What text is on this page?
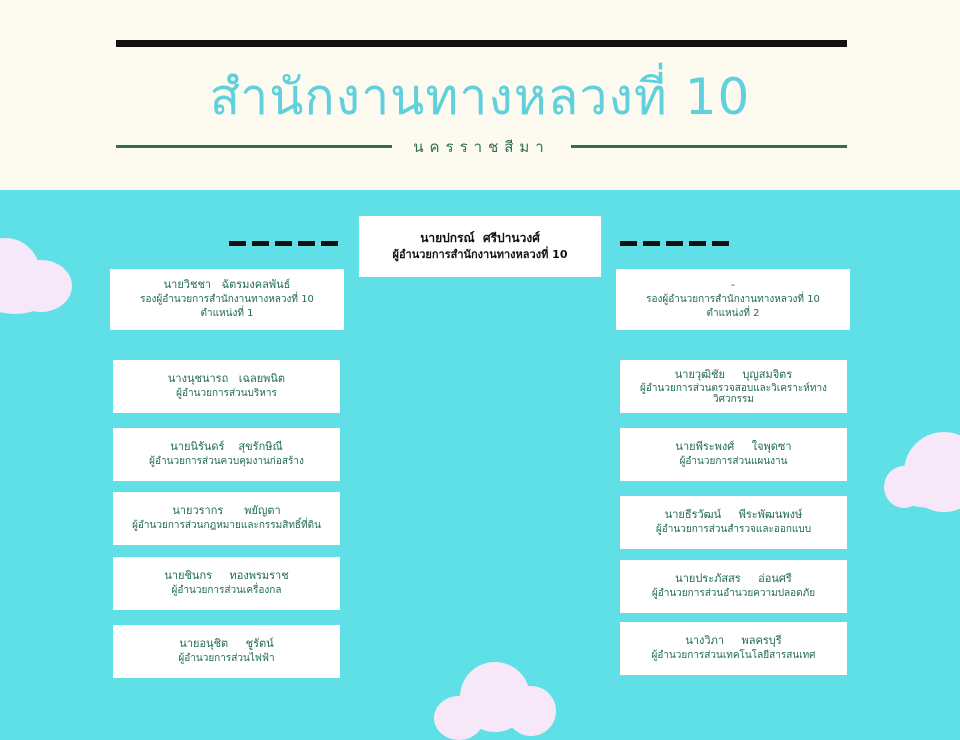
สำนักงานทางหลวงที่ 10
นครราชสีมา
นายปกรณ์  ศรีปานวงศ์
ผู้อำนวยการสำนักงานทางหลวงที่ 10
นายวิชชา   ฉัตรมงคลพันธ์
รองผู้อำนวยการสำนักงานทางหลวงที่ 10
ตำแหน่งที่ 1
-
รองผู้อำนวยการสำนักงานทางหลวงที่ 10
ตำแหน่งที่ 2
นางนุชนารถ   เฉลยพนิต
ผู้อำนวยการส่วนบริหาร
นายนิรันดร์    สุขรักษิณี
ผู้อำนวยการส่วนควบคุมงานก่อสร้าง
นายวรากร      พยัญตา
ผู้อำนวยการส่วนกฎหมายและกรรมสิทธิ์ที่ดิน
นายชินกร     ทองพรมราช
ผู้อำนวยการส่วนเครื่องกล
นายอนุชิต     ชูรัตน์
ผู้อำนวยการส่วนไฟฟ้า
นายวุฒิชัย     บุญสมจิตร
ผู้อำนวยการส่วนตรวจสอบและวิเคราะห์ทางวิศวกรรม
นายพีระพงศ์     ใจพุดซา
ผู้อำนวยการส่วนแผนงาน
นายธีรวัฒน์     พีระพัฒนพงษ์
ผู้อำนวยการส่วนสำรวจและออกแบบ
นายประภัสสร     อ่อนศรี
ผู้อำนวยการส่วนอำนวยความปลอดภัย
นางวิภา     พลครบุรี
ผู้อำนวยการส่วนเทคโนโลยีสารสนเทศ
